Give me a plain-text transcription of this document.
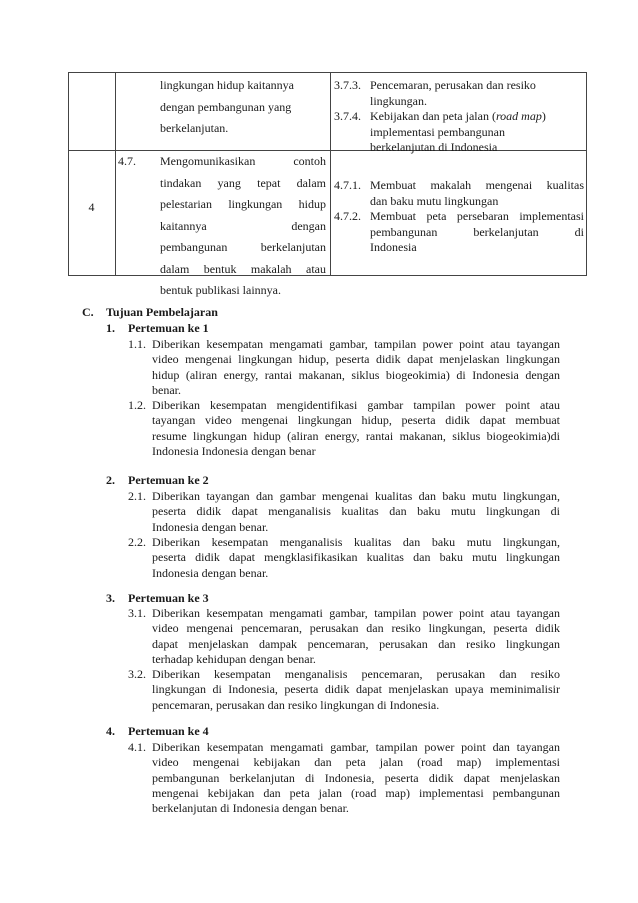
lingkungan hidup kaitannya
dengan pembangunan yang
berkelanjutan.
3.7.3. Pencemaran, perusakan dan resiko
lingkungan.
3.7.4. Kebijakan dan peta jalan (road map)
implementasi pembangunan
berkelanjutan di Indonesia
4
4.7. Mengomunikasikan contoh
tindakan yang tepat dalam
pelestarian lingkungan hidup
kaitannya dengan
pembangunan berkelanjutan
dalam bentuk makalah atau
bentuk publikasi lainnya.
4.7.1. Membuat makalah mengenai kualitas
dan baku mutu lingkungan
4.7.2. Membuat peta persebaran implementasi
pembangunan berkelanjutan di
Indonesia
C. Tujuan Pembelajaran
1. Pertemuan ke 1
1.1. Diberikan kesempatan mengamati gambar, tampilan power point atau tayangan
video mengenai lingkungan hidup, peserta didik dapat menjelaskan lingkungan
hidup (aliran energy, rantai makanan, siklus biogeokimia) di Indonesia dengan
benar.
1.2. Diberikan kesempatan mengidentifikasi gambar tampilan power point atau
tayangan video mengenai lingkungan hidup, peserta didik dapat membuat
resume lingkungan hidup (aliran energy, rantai makanan, siklus biogeokimia)di
Indonesia Indonesia dengan benar
2. Pertemuan ke 2
2.1. Diberikan tayangan dan gambar mengenai kualitas dan baku mutu lingkungan,
peserta didik dapat menganalisis kualitas dan baku mutu lingkungan di
Indonesia dengan benar.
2.2. Diberikan kesempatan menganalisis kualitas dan baku mutu lingkungan,
peserta didik dapat mengklasifikasikan kualitas dan baku mutu lingkungan
Indonesia dengan benar.
3. Pertemuan ke 3
3.1. Diberikan kesempatan mengamati gambar, tampilan power point atau tayangan
video mengenai pencemaran, perusakan dan resiko lingkungan, peserta didik
dapat menjelaskan dampak pencemaran, perusakan dan resiko lingkungan
terhadap kehidupan dengan benar.
3.2. Diberikan kesempatan menganalisis pencemaran, perusakan dan resiko
lingkungan di Indonesia, peserta didik dapat menjelaskan upaya meminimalisir
pencemaran, perusakan dan resiko lingkungan di Indonesia.
4. Pertemuan ke 4
4.1. Diberikan kesempatan mengamati gambar, tampilan power point dan tayangan
video mengenai kebijakan dan peta jalan (road map) implementasi
pembangunan berkelanjutan di Indonesia, peserta didik dapat menjelaskan
mengenai kebijakan dan peta jalan (road map) implementasi pembangunan
berkelanjutan di Indonesia dengan benar.
